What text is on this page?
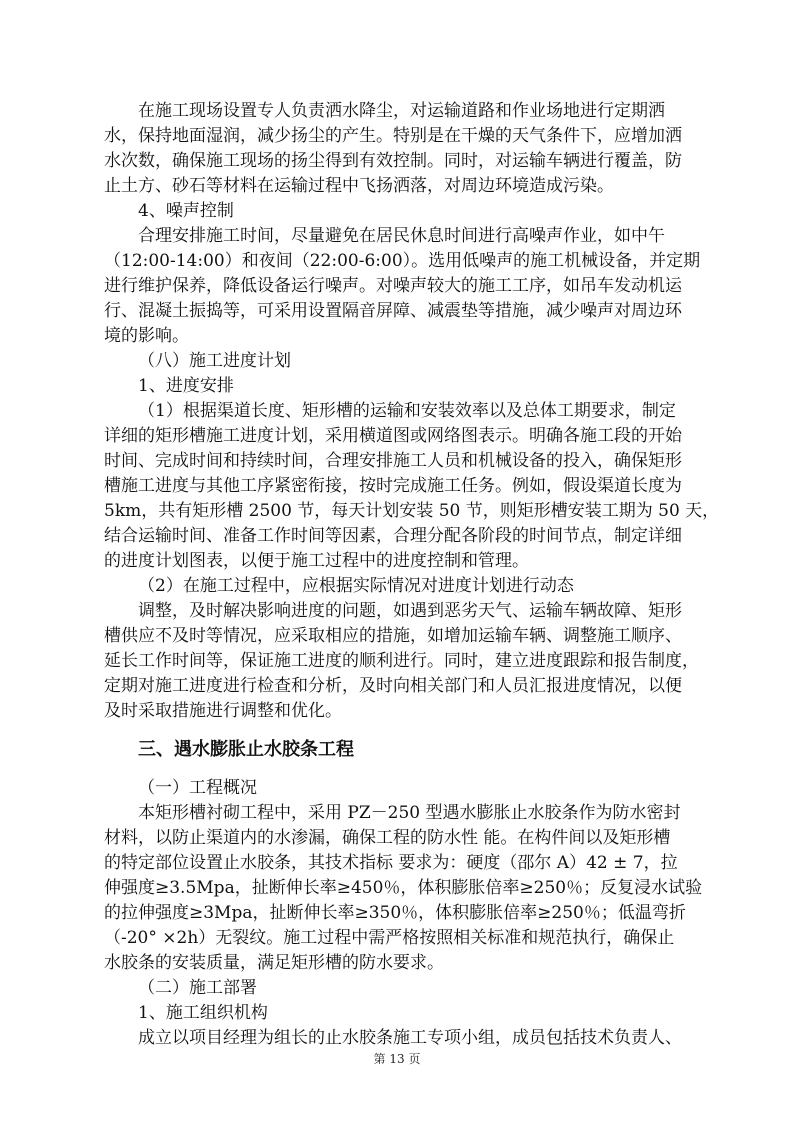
在施工现场设置专人负责洒水降尘，对运输道路和作业场地进行定期洒
水，保持地面湿润，减少扬尘的产生。特别是在干燥的天气条件下，应增加洒
水次数，确保施工现场的扬尘得到有效控制。同时，对运输车辆进行覆盖，防
止土方、砂石等材料在运输过程中飞扬洒落，对周边环境造成污染。

4、噪声控制

合理安排施工时间，尽量避免在居民休息时间进行高噪声作业，如中午
（12:00-14:00）和夜间（22:00-6:00）。选用低噪声的施工机械设备，并定期
进行维护保养，降低设备运行噪声。对噪声较大的施工工序，如吊车发动机运
行、混凝土振捣等，可采用设置隔音屏障、减震垫等措施，减少噪声对周边环
境的影响。

（八）施工进度计划

1、进度安排

（1）根据渠道长度、矩形槽的运输和安装效率以及总体工期要求，制定
详细的矩形槽施工进度计划，采用横道图或网络图表示。明确各施工段的开始
时间、完成时间和持续时间，合理安排施工人员和机械设备的投入，确保矩形
槽施工进度与其他工序紧密衔接，按时完成施工任务。例如，假设渠道长度为
5km，共有矩形槽 2500 节，每天计划安装 50 节，则矩形槽安装工期为 50 天，
结合运输时间、准备工作时间等因素，合理分配各阶段的时间节点，制定详细
的进度计划图表，以便于施工过程中的进度控制和管理。

（2）在施工过程中，应根据实际情况对进度计划进行动态

调整，及时解决影响进度的问题，如遇到恶劣天气、运输车辆故障、矩形
槽供应不及时等情况，应采取相应的措施，如增加运输车辆、调整施工顺序、
延长工作时间等，保证施工进度的顺利进行。同时，建立进度跟踪和报告制度，
定期对施工进度进行检查和分析，及时向相关部门和人员汇报进度情况，以便
及时采取措施进行调整和优化。

三、遇水膨胀止水胶条工程

（一）工程概况

本矩形槽衬砌工程中，采用 PZ－250 型遇水膨胀止水胶条作为防水密封
材料，以防止渠道内的水渗漏，确保工程的防水性 能。在构件间以及矩形槽
的特定部位设置止水胶条，其技术指标 要求为：硬度（邵尔 A）42 ± 7，拉
伸强度≥3.5Mpa，扯断伸长率≥450％，体积膨胀倍率≥250％；反复浸水试验
的拉伸强度≥3Mpa，扯断伸长率≥350％，体积膨胀倍率≥250％；低温弯折
（-20° ×2h）无裂纹。施工过程中需严格按照相关标准和规范执行，确保止
水胶条的安装质量，满足矩形槽的防水要求。

（二）施工部署

1、施工组织机构

成立以项目经理为组长的止水胶条施工专项小组，成员包括技术负责人、

第 13 页
